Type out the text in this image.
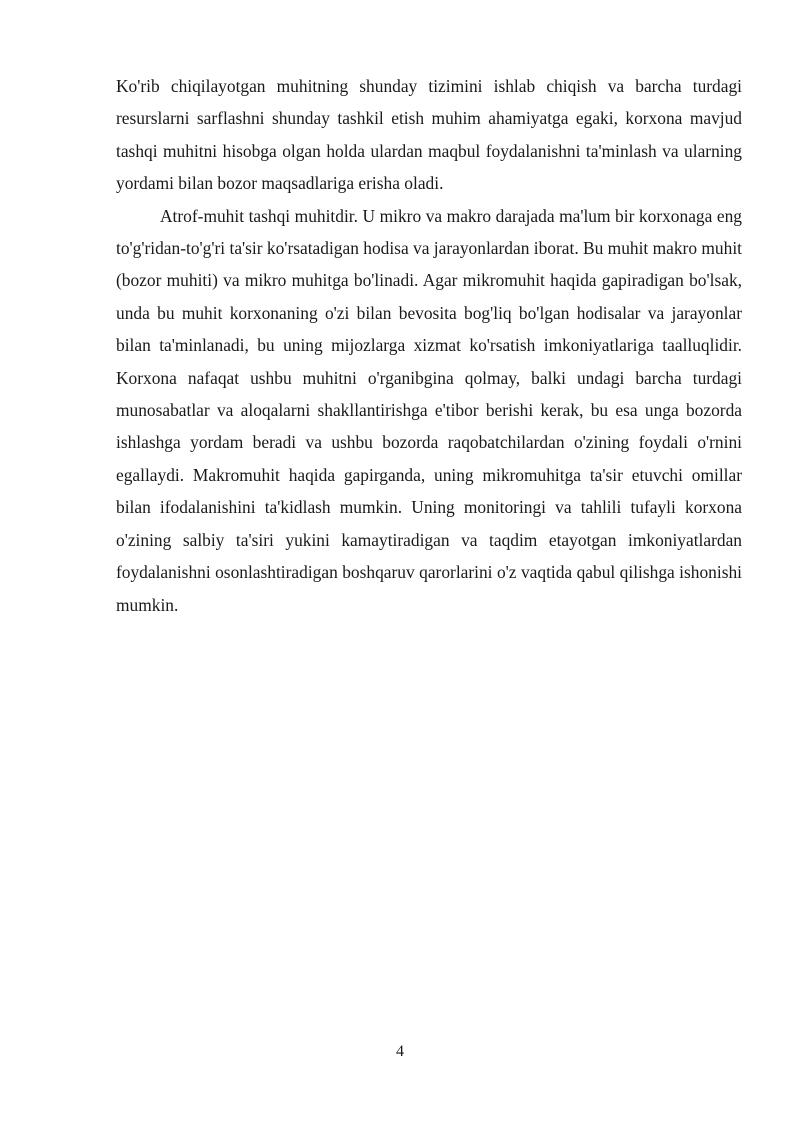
Ko'rib chiqilayotgan muhitning shunday tizimini ishlab chiqish va barcha turdagi resurslarni sarflashni shunday tashkil etish muhim ahamiyatga egaki, korxona mavjud tashqi muhitni hisobga olgan holda ulardan maqbul foydalanishni ta'minlash va ularning yordami bilan bozor maqsadlariga erisha oladi.

Atrof-muhit tashqi muhitdir. U mikro va makro darajada ma'lum bir korxonaga eng to'g'ridan-to'g'ri ta'sir ko'rsatadigan hodisa va jarayonlardan iborat. Bu muhit makro muhit (bozor muhiti) va mikro muhitga bo'linadi. Agar mikromuhit haqida gapiradigan bo'lsak, unda bu muhit korxonaning o'zi bilan bevosita bog'liq bo'lgan hodisalar va jarayonlar bilan ta'minlanadi, bu uning mijozlarga xizmat ko'rsatish imkoniyatlariga taalluqlidir. Korxona nafaqat ushbu muhitni o'rganibgina qolmay, balki undagi barcha turdagi munosabatlar va aloqalarni shakllantirishga e'tibor berishi kerak, bu esa unga bozorda ishlashga yordam beradi va ushbu bozorda raqobatchilardan o'zining foydali o'rnini egallaydi. Makromuhit haqida gapirganda, uning mikromuhitga ta'sir etuvchi omillar bilan ifodalanishini ta'kidlash mumkin. Uning monitoringi va tahlili tufayli korxona o'zining salbiy ta'siri yukini kamaytiradigan va taqdim etayotgan imkoniyatlardan foydalanishni osonlashtiradigan boshqaruv qarorlarini o'z vaqtida qabul qilishga ishonishi mumkin.

4
